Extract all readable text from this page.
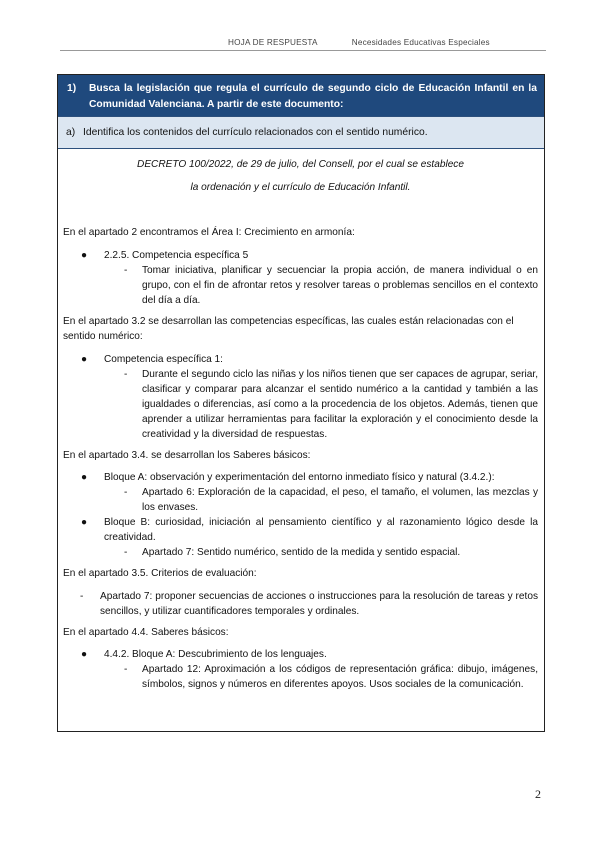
HOJA DE RESPUESTA	Necesidades Educativas Especiales
1)	Busca la legislación que regula el currículo de segundo ciclo de Educación Infantil en la Comunidad Valenciana. A partir de este documento:
a) Identifica los contenidos del currículo relacionados con el sentido numérico.
DECRETO 100/2022, de 29 de julio, del Consell, por el cual se establece
la ordenación y el currículo de Educación Infantil.

En el apartado 2 encontramos el Área I: Crecimiento en armonía:

●	2.2.5. Competencia específica 5
-	Tomar iniciativa, planificar y secuenciar la propia acción, de manera individual o en grupo, con el fin de afrontar retos y resolver tareas o problemas sencillos en el contexto del día a día.

En el apartado 3.2 se desarrollan las competencias específicas, las cuales están relacionadas con el sentido numérico:

●	Competencia específica 1:
-	Durante el segundo ciclo las niñas y los niños tienen que ser capaces de agrupar, seriar, clasificar y comparar para alcanzar el sentido numérico a la cantidad y también a las igualdades o diferencias, así como a la procedencia de los objetos. Además, tienen que aprender a utilizar herramientas para facilitar la exploración y el conocimiento desde la creatividad y la diversidad de respuestas.

En el apartado 3.4. se desarrollan los Saberes básicos:

●	Bloque A: observación y experimentación del entorno inmediato físico y natural (3.4.2.):
-	Apartado 6: Exploración de la capacidad, el peso, el tamaño, el volumen, las mezclas y los envases.
●	Bloque B: curiosidad, iniciación al pensamiento científico y al razonamiento lógico desde la creatividad.
-	Apartado 7: Sentido numérico, sentido de la medida y sentido espacial.

En el apartado 3.5. Criterios de evaluación:

-	Apartado 7: proponer secuencias de acciones o instrucciones para la resolución de tareas y retos sencillos, y utilizar cuantificadores temporales y ordinales.

En el apartado 4.4. Saberes básicos:

●	4.4.2. Bloque A: Descubrimiento de los lenguajes.
-	Apartado 12: Aproximación a los códigos de representación gráfica: dibujo, imágenes, símbolos, signos y números en diferentes apoyos. Usos sociales de la comunicación.
2
